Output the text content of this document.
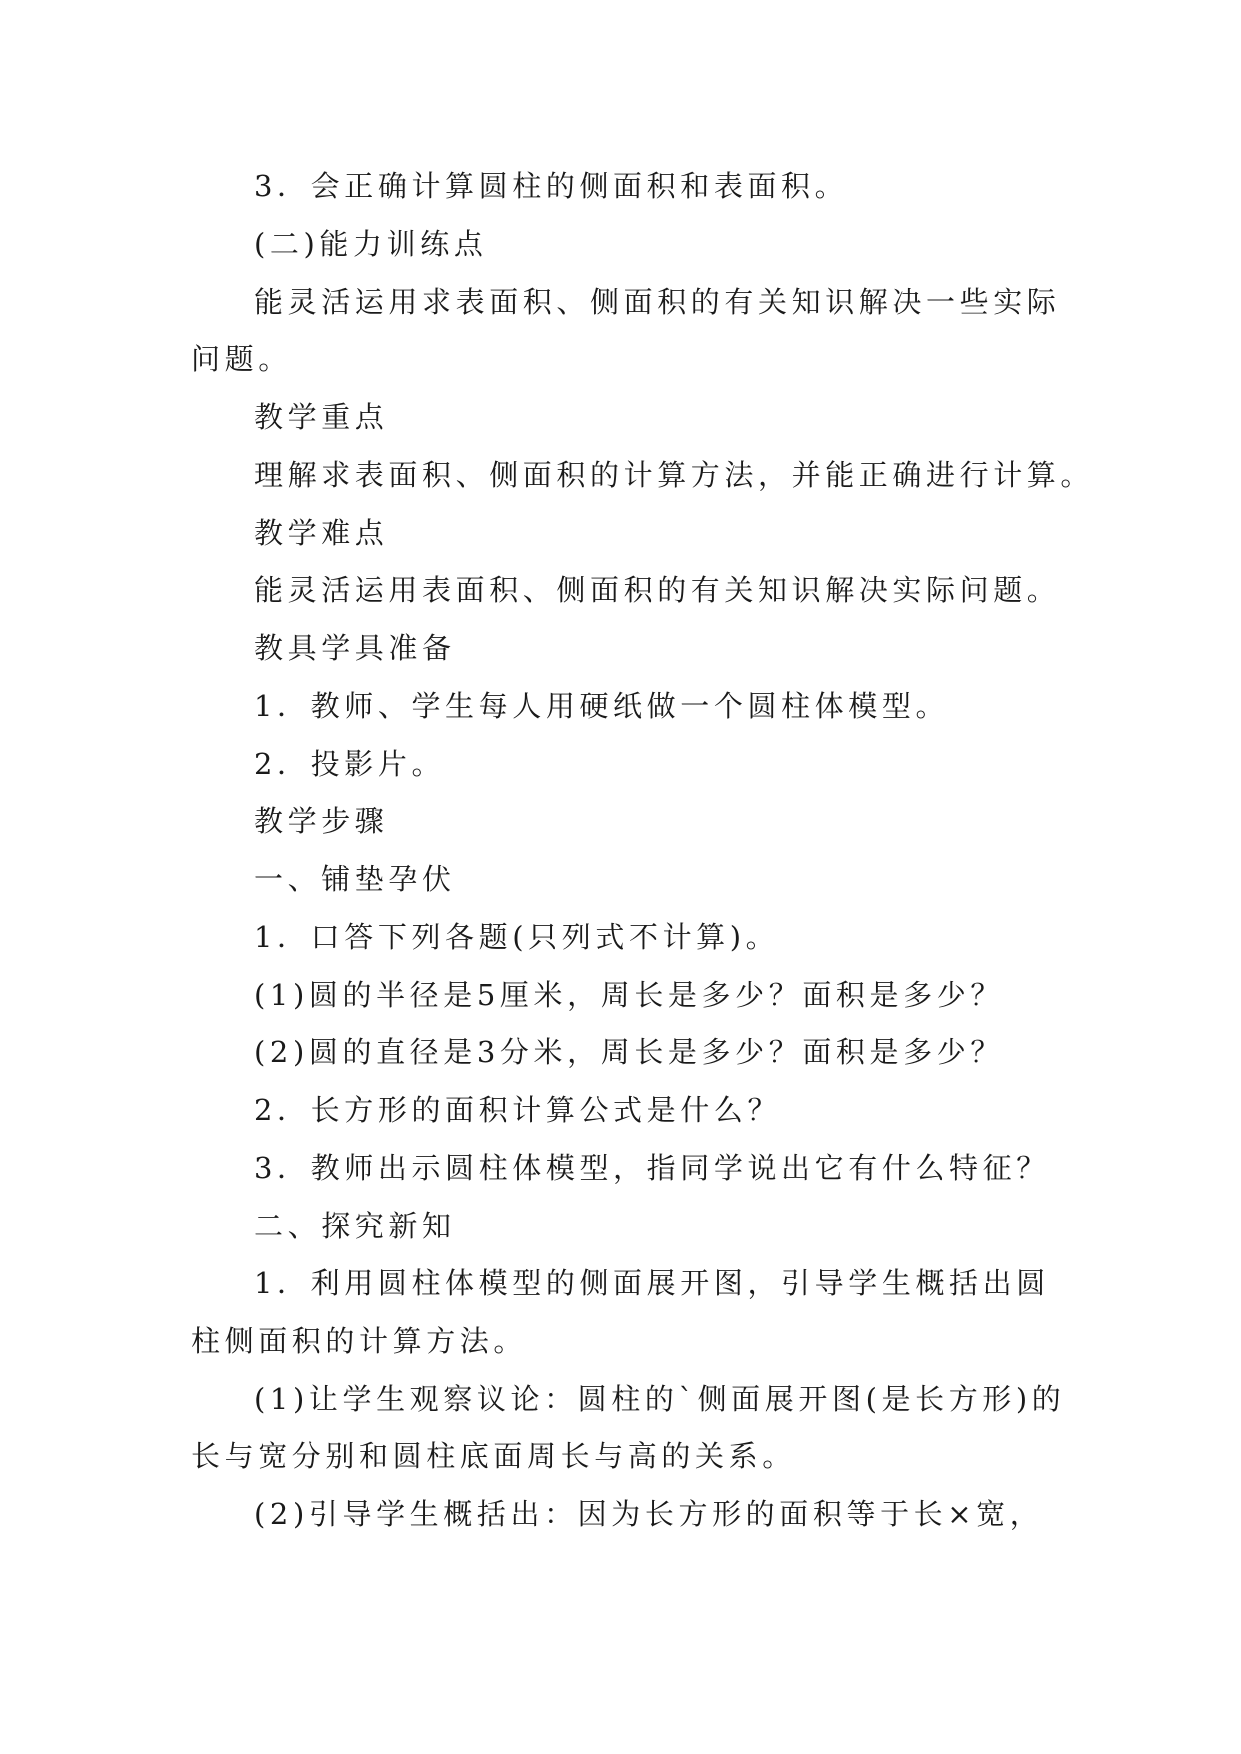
3．会正确计算圆柱的侧面积和表面积。
(二)能力训练点
能灵活运用求表面积、侧面积的有关知识解决一些实际
问题。
教学重点
理解求表面积、侧面积的计算方法，并能正确进行计算。
教学难点
能灵活运用表面积、侧面积的有关知识解决实际问题。
教具学具准备
1．教师、学生每人用硬纸做一个圆柱体模型。
2．投影片。
教学步骤
一、铺垫孕伏
1．口答下列各题(只列式不计算)。
(1)圆的半径是5厘米，周长是多少？面积是多少？
(2)圆的直径是3分米，周长是多少？面积是多少？
2．长方形的面积计算公式是什么？
3．教师出示圆柱体模型，指同学说出它有什么特征？
二、探究新知
1．利用圆柱体模型的侧面展开图，引导学生概括出圆
柱侧面积的计算方法。
(1)让学生观察议论：圆柱的`侧面展开图(是长方形)的
长与宽分别和圆柱底面周长与高的关系。
(2)引导学生概括出：因为长方形的面积等于长×宽，
